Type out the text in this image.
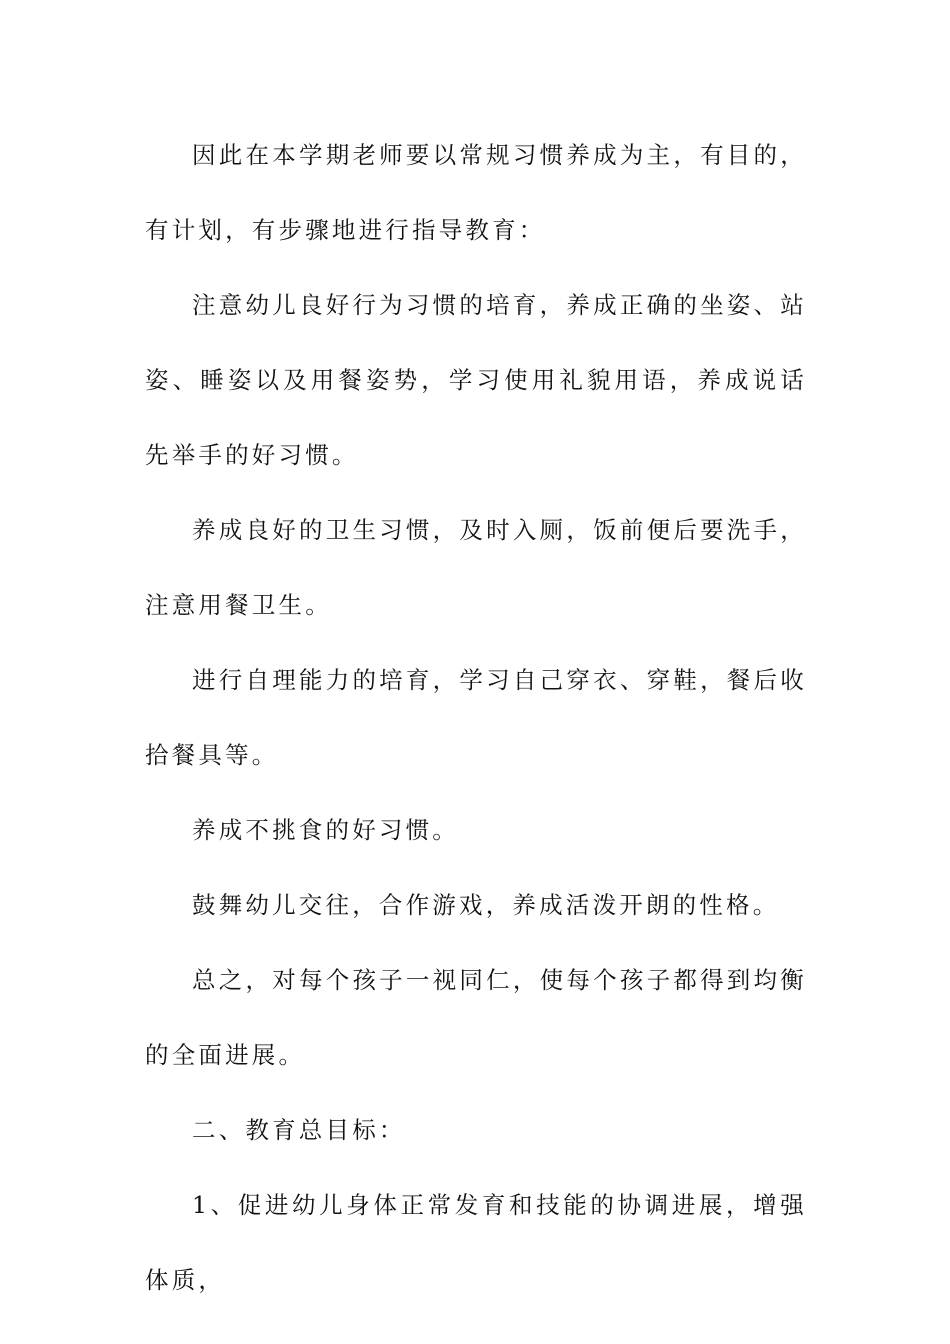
因此在本学期老师要以常规习惯养成为主，有目的，有计划，有步骤地进行指导教育：

注意幼儿良好行为习惯的培育，养成正确的坐姿、站姿、睡姿以及用餐姿势，学习使用礼貌用语，养成说话先举手的好习惯。

养成良好的卫生习惯，及时入厕，饭前便后要洗手，注意用餐卫生。

进行自理能力的培育，学习自己穿衣、穿鞋，餐后收拾餐具等。

养成不挑食的好习惯。

鼓舞幼儿交往，合作游戏，养成活泼开朗的性格。

总之，对每个孩子一视同仁，使每个孩子都得到均衡的全面进展。

二、教育总目标：

1、促进幼儿身体正常发育和技能的协调进展，增强体质，
